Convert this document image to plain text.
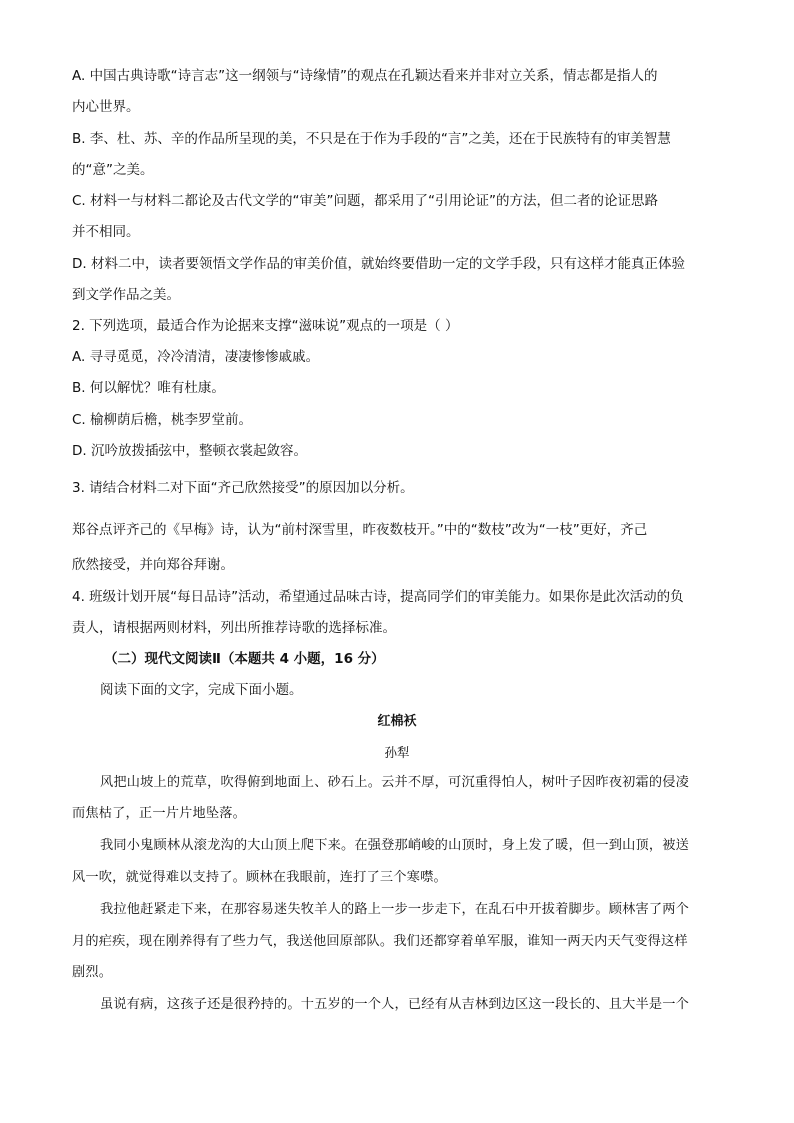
A. 中国古典诗歌“诗言志”这一纲领与“诗缘情”的观点在孔颖达看来并非对立关系，情志都是指人的
内心世界。
B. 李、杜、苏、辛的作品所呈现的美，不只是在于作为手段的“言”之美，还在于民族特有的审美智慧
的“意”之美。
C. 材料一与材料二都论及古代文学的“审美”问题，都采用了“引用论证”的方法，但二者的论证思路
并不相同。
D. 材料二中，读者要领悟文学作品的审美价值，就始终要借助一定的文学手段，只有这样才能真正体验
到文学作品之美。
2. 下列选项，最适合作为论据来支撑“滋味说”观点的一项是（ ）
A. 寻寻觅觅，冷冷清清，凄凄惨惨戚戚。
B. 何以解忧？唯有杜康。
C. 榆柳荫后檐，桃李罗堂前。
D. 沉吟放拨插弦中，整顿衣裳起敛容。
3. 请结合材料二对下面“齐己欣然接受”的原因加以分析。
郑谷点评齐己的《早梅》诗，认为“前村深雪里，昨夜数枝开。”中的“数枝”改为“一枝”更好，齐己
欣然接受，并向郑谷拜谢。
4. 班级计划开展“每日品诗”活动，希望通过品味古诗，提高同学们的审美能力。如果你是此次活动的负
责人，请根据两则材料，列出所推荐诗歌的选择标准。
（二）现代文阅读Ⅱ（本题共 4 小题，16 分）
阅读下面的文字，完成下面小题。
红棉袄
孙犁
风把山坡上的荒草，吹得俯到地面上、砂石上。云并不厚，可沉重得怕人，树叶子因昨夜初霜的侵凌
而焦枯了，正一片片地坠落。
我同小鬼顾林从滚龙沟的大山顶上爬下来。在强登那峭峻的山顶时，身上发了暖，但一到山顶，被送
风一吹，就觉得难以支持了。顾林在我眼前，连打了三个寒噤。
我拉他赶紧走下来，在那容易迷失牧羊人的路上一步一步走下，在乱石中开拔着脚步。顾林害了两个
月的疟疾，现在刚养得有了些力气，我送他回原部队。我们还都穿着单军服，谁知一两天内天气变得这样
剧烈。
虽说有病，这孩子还是很矜持的。十五岁的一个人，已经有从吉林到边区这一段长的、且大半是一个
